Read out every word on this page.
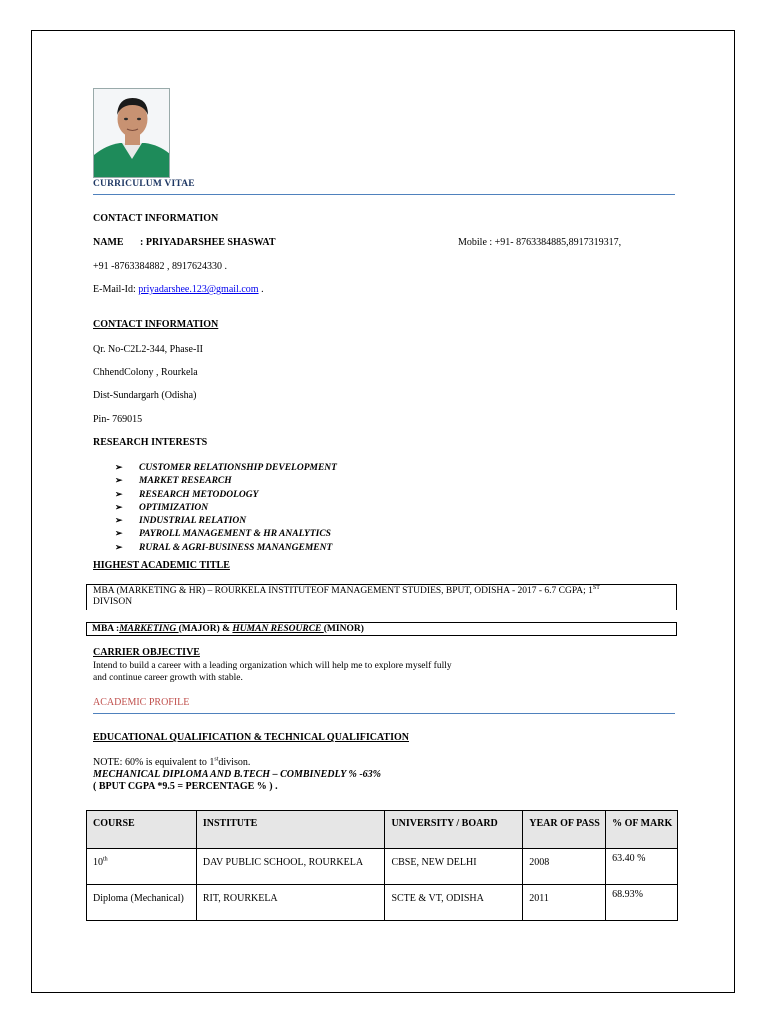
CURRICULUM VITAE
CONTACT INFORMATION
NAME : PRIYADARSHEE SHASWAT	Mobile : +91- 8763384885,8917319317,
+91 -8763384882 , 8917624330 .
E-Mail-Id: priyadarshee.123@gmail.com .
CONTACT INFORMATION
Qr. No-C2L2-344, Phase-II
ChhendColony , Rourkela
Dist-Sundargarh (Odisha)
Pin- 769015
RESEARCH INTERESTS
➢ CUSTOMER RELATIONSHIP DEVELOPMENT
➢ MARKET RESEARCH
➢ RESEARCH METODOLOGY
➢ OPTIMIZATION
➢ INDUSTRIAL RELATION
➢ PAYROLL MANAGEMENT & HR ANALYTICS
➢ RURAL & AGRI-BUSINESS MANANGEMENT
HIGHEST ACADEMIC TITLE
MBA (MARKETING & HR) – ROURKELA INSTITUTEOF MANAGEMENT STUDIES, BPUT, ODISHA - 2017 - 6.7 CGPA; 1ST
DIVISON
MBA :MARKETING (MAJOR) & HUMAN RESOURCE (MINOR)
CARRIER OBJECTIVE
Intend to build a career with a leading organization which will help me to explore myself fully
and continue career growth with stable.
ACADEMIC PROFILE
EDUCATIONAL QUALIFICATION & TECHNICAL QUALIFICATION
NOTE: 60% is equivalent to 1stdivison.
MECHANICAL DIPLOMA AND B.TECH – COMBINEDLY % -63%
( BPUT CGPA *9.5 = PERCENTAGE % ) .
COURSE	INSTITUTE	UNIVERSITY / BOARD	YEAR OF PASS	% OF MARK
10th	DAV PUBLIC SCHOOL, ROURKELA	CBSE, NEW DELHI	2008	63.40 %
Diploma (Mechanical)	RIT, ROURKELA	SCTE & VT, ODISHA	2011	68.93%
